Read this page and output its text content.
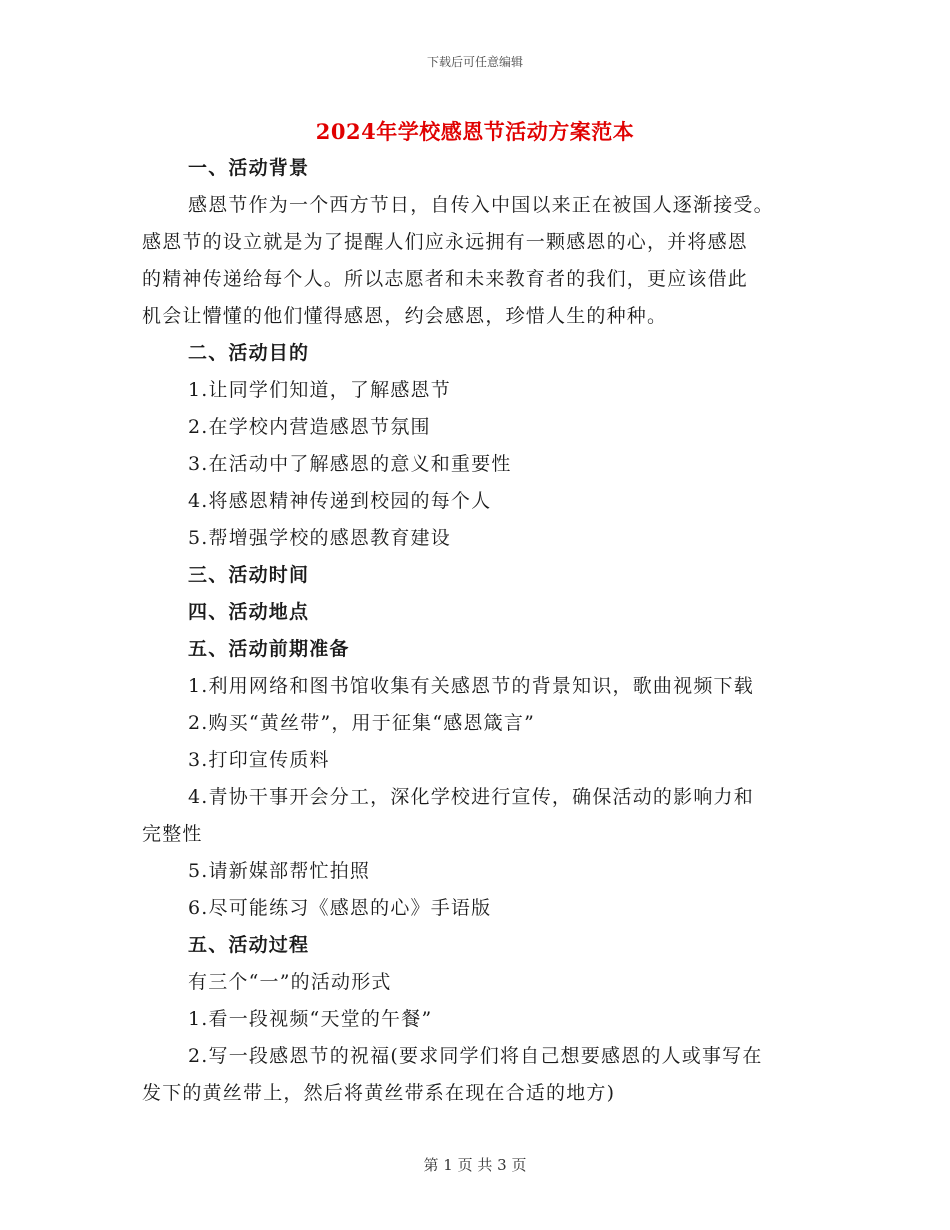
下载后可任意编辑
2024年学校感恩节活动方案范本
一、活动背景
感恩节作为一个西方节日，自传入中国以来正在被国人逐渐接受。
感恩节的设立就是为了提醒人们应永远拥有一颗感恩的心，并将感恩
的精神传递给每个人。所以志愿者和未来教育者的我们，更应该借此
机会让懵懂的他们懂得感恩，约会感恩，珍惜人生的种种。
二、活动目的
1.让同学们知道，了解感恩节
2.在学校内营造感恩节氛围
3.在活动中了解感恩的意义和重要性
4.将感恩精神传递到校园的每个人
5.帮增强学校的感恩教育建设
三、活动时间
四、活动地点
五、活动前期准备
1.利用网络和图书馆收集有关感恩节的背景知识，歌曲视频下载
2.购买“黄丝带”，用于征集“感恩箴言”
3.打印宣传质料
4.青协干事开会分工，深化学校进行宣传，确保活动的影响力和
完整性
5.请新媒部帮忙拍照
6.尽可能练习《感恩的心》手语版
五、活动过程
有三个“一”的活动形式
1.看一段视频“天堂的午餐”
2.写一段感恩节的祝福(要求同学们将自己想要感恩的人或事写在
发下的黄丝带上，然后将黄丝带系在现在合适的地方)
第 1 页 共 3 页
